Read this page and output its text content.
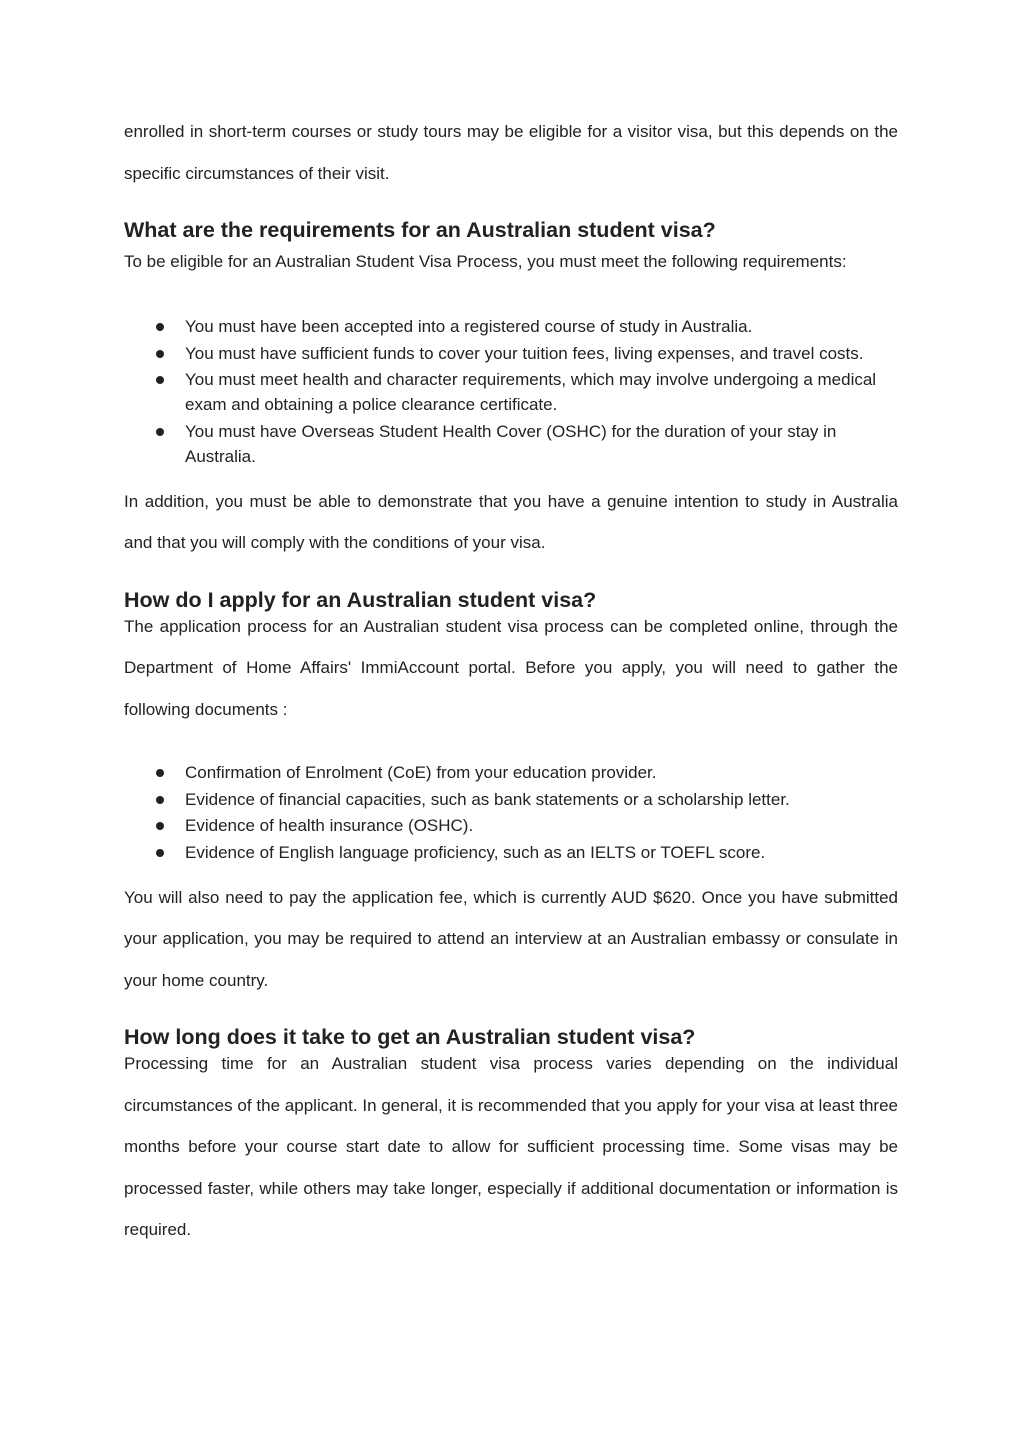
enrolled in short-term courses or study tours may be eligible for a visitor visa, but this depends on the specific circumstances of their visit.

What are the requirements for an Australian student visa?

To be eligible for an Australian Student Visa Process, you must meet the following requirements:

You must have been accepted into a registered course of study in Australia.
You must have sufficient funds to cover your tuition fees, living expenses, and travel costs.
You must meet health and character requirements, which may involve undergoing a medical exam and obtaining a police clearance certificate.
You must have Overseas Student Health Cover (OSHC) for the duration of your stay in Australia.

In addition, you must be able to demonstrate that you have a genuine intention to study in Australia and that you will comply with the conditions of your visa.

How do I apply for an Australian student visa?

The application process for an Australian student visa process can be completed online, through the Department of Home Affairs' ImmiAccount portal. Before you apply, you will need to gather the following documents :

Confirmation of Enrolment (CoE) from your education provider.
Evidence of financial capacities, such as bank statements or a scholarship letter.
Evidence of health insurance (OSHC).
Evidence of English language proficiency, such as an IELTS or TOEFL score.

You will also need to pay the application fee, which is currently AUD $620. Once you have submitted your application, you may be required to attend an interview at an Australian embassy or consulate in your home country.

How long does it take to get an Australian student visa?

Processing time for an Australian student visa process varies depending on the individual circumstances of the applicant. In general, it is recommended that you apply for your visa at least three months before your course start date to allow for sufficient processing time. Some visas may be processed faster, while others may take longer, especially if additional documentation or information is required.
